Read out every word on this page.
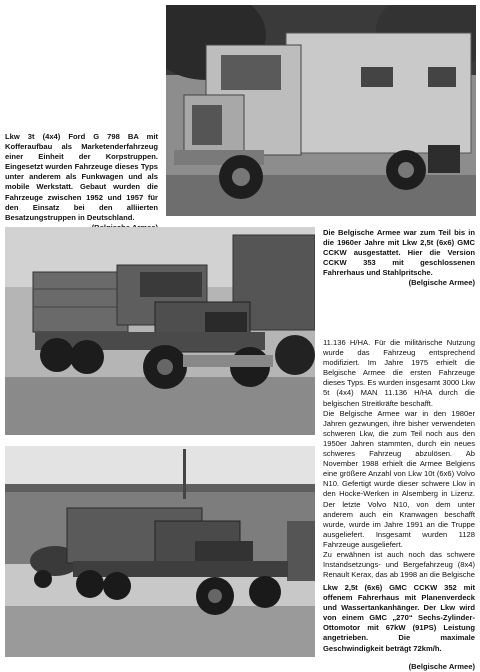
Lkw 3t (4x4) Ford G 798 BA mit Kofferaufbau als Marketenderfahrzeug einer Einheit der Korpstruppen. Eingesetzt wurden Fahrzeuge dieses Typs unter anderem als Funkwagen und als mobile Werkstatt. Gebaut wurden die Fahrzeuge zwischen 1952 und 1957 für den Einsatz bei den alliierten Besatzungstruppen in Deutschland.
Die Belgische Armee war zum Teil bis in die 1960er Jahre mit Lkw 2,5t (6x6) GMC CCKW ausgestattet. Hier die Version CCKW 353 mit geschlossenen Fahrerhaus und Stahlpritsche.
(Belgische Armee)

11.136 H/HA. Für die militärische Nutzung wurde das Fahrzeug entsprechend modifiziert. Im Jahre 1975 erhielt die Belgische Armee die ersten Fahrzeuge dieses Typs. Es wurden insgesamt 3000 Lkw 5t (4x4) MAN 11.136 H/HA durch die belgischen Streitkräfte beschafft.

Die Belgische Armee war in den 1980er Jahren gezwungen, ihre bisher verwendeten schweren Lkw, die zum Teil noch aus den 1950er Jahren stammten, durch ein neues schweres Fahrzeug abzulösen. Ab November 1988 erhielt die Armee Belgiens eine größere Anzahl von Lkw 10t (6x6) Volvo N10. Gefertigt wurde dieser schwere Lkw in den Hocke-Werken in Alsemberg in Lizenz. Der letzte Volvo N10, von dem unter anderem auch ein Kranwagen beschafft wurde, wurde im Jahre 1991 an die Truppe ausgeliefert. Insgesamt wurden 1128 Fahrzeuge ausgeliefert.

Zu erwähnen ist auch noch das schwere Instandsetzungs- und Bergefahrzeug (8x4) Renault Kerax, das ab 1998 an die Belgische

Lkw 2,5t (6x6) GMC CCKW 352 mit offenem Fahrerhaus mit Planenverdeck und Wassertankanhänger. Der Lkw wird von einem GMC „270“ Sechs-Zylinder-Ottomotor mit 67kW (91PS) Leistung angetrieben. Die maximale Geschwindigkeit beträgt 72km/h.
(Belgische Armee)
